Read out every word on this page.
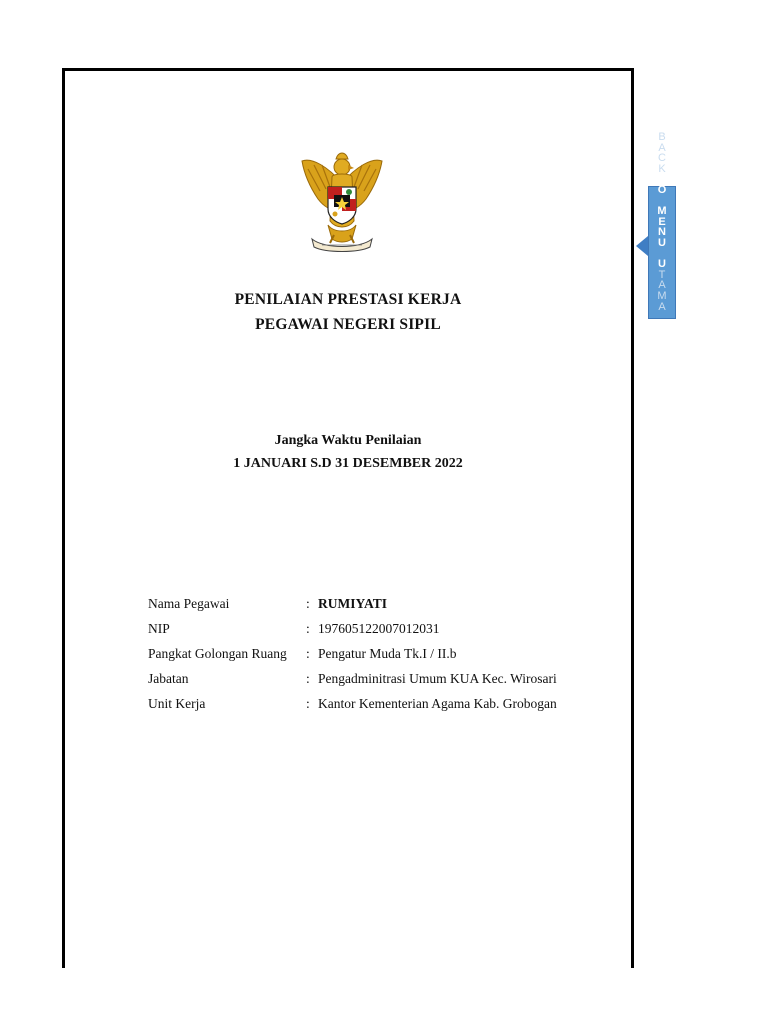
PENILAIAN PRESTASI KERJA
PEGAWAI NEGERI SIPIL
Jangka Waktu Penilaian
1 JANUARI S.D 31 DESEMBER 2022
Nama Pegawai	: RUMIYATI
NIP	: 197605122007012031
Pangkat Golongan Ruang	: Pengatur Muda Tk.I / II.b
Jabatan	: Pengadminitrasi Umum KUA Kec. Wirosari
Unit Kerja	: Kantor Kementerian Agama Kab. Grobogan
B
A
C
K
T
O

M
E
N
U

U
T
A
M
A
